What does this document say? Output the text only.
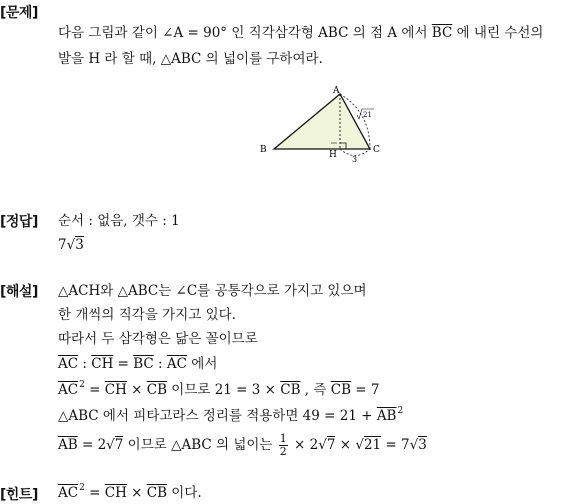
[문제]
다음 그림과 같이 ∠A = 90° 인 직각삼각형 ABC 의 점 A 에서 $\overline{BC}$ 에 내린 수선의
발을 H 라 할 때, △ABC 의 넓이를 구하여라.
A
B	C
H 3
21
[정답] 순서 : 없음, 갯수 : 1
7√3
[해설] △ACH와 △ABC는 ∠C를 공통각으로 가지고 있으며
한 개씩의 직각을 가지고 있다.
따라서 두 삼각형은 닮은 꼴이므로
$\overline{AC}$ : $\overline{CH} = \overline{BC}$ : $\overline{AC}$ 에서
$\overline{AC}^2 = \overline{CH} \times \overline{CB}$ 이므로 $21 = 3 \times \overline{CB}$ , 즉 $\overline{CB} = 7$
△ABC 에서 피타고라스 정리를 적용하면 $49 = 21 + \overline{AB}^2$
$\overline{AB} = 2√7$ 이므로 △ABC 의 넓이는 $\frac{1}{2} \times 2√7 \times √21 = 7√3$
[힌트] $\overline{AC}^2 = \overline{CH} \times \overline{CB}$ 이다.
